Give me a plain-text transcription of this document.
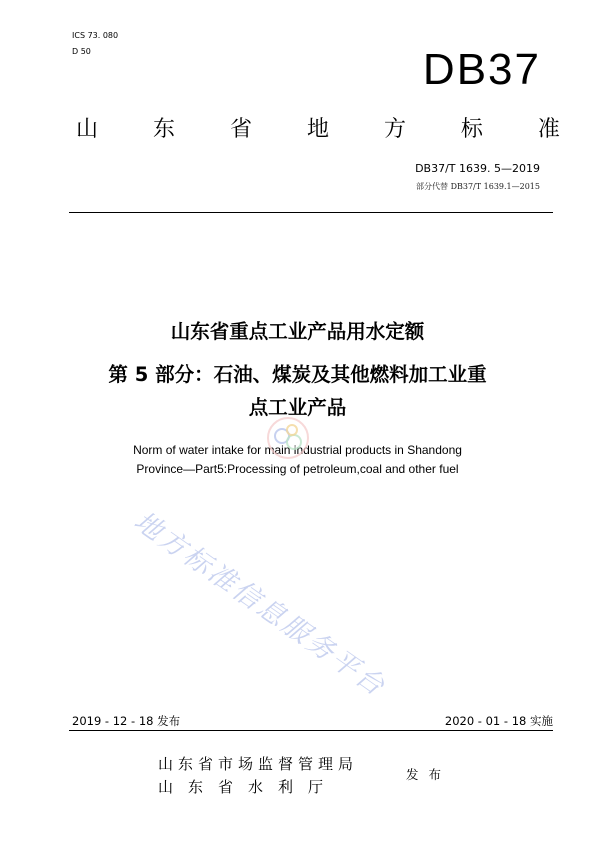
ICS 73. 080
D 50	DB37
山 东 省 地 方 标 准
DB37/T 1639. 5—2019
部分代替 DB37/T 1639.1—2015
山东省重点工业产品用水定额
第 5 部分：石油、煤炭及其他燃料加工业重
点工业产品
Norm of water intake for main industrial products in Shandong
Province—Part5:Processing of petroleum,coal and other fuel
地方标准信息服务平台
2019 - 12 - 18 发布	2020 - 01 - 18 实施
山东省市场监督管理局
山　东　省　水　利　厅
发 布
